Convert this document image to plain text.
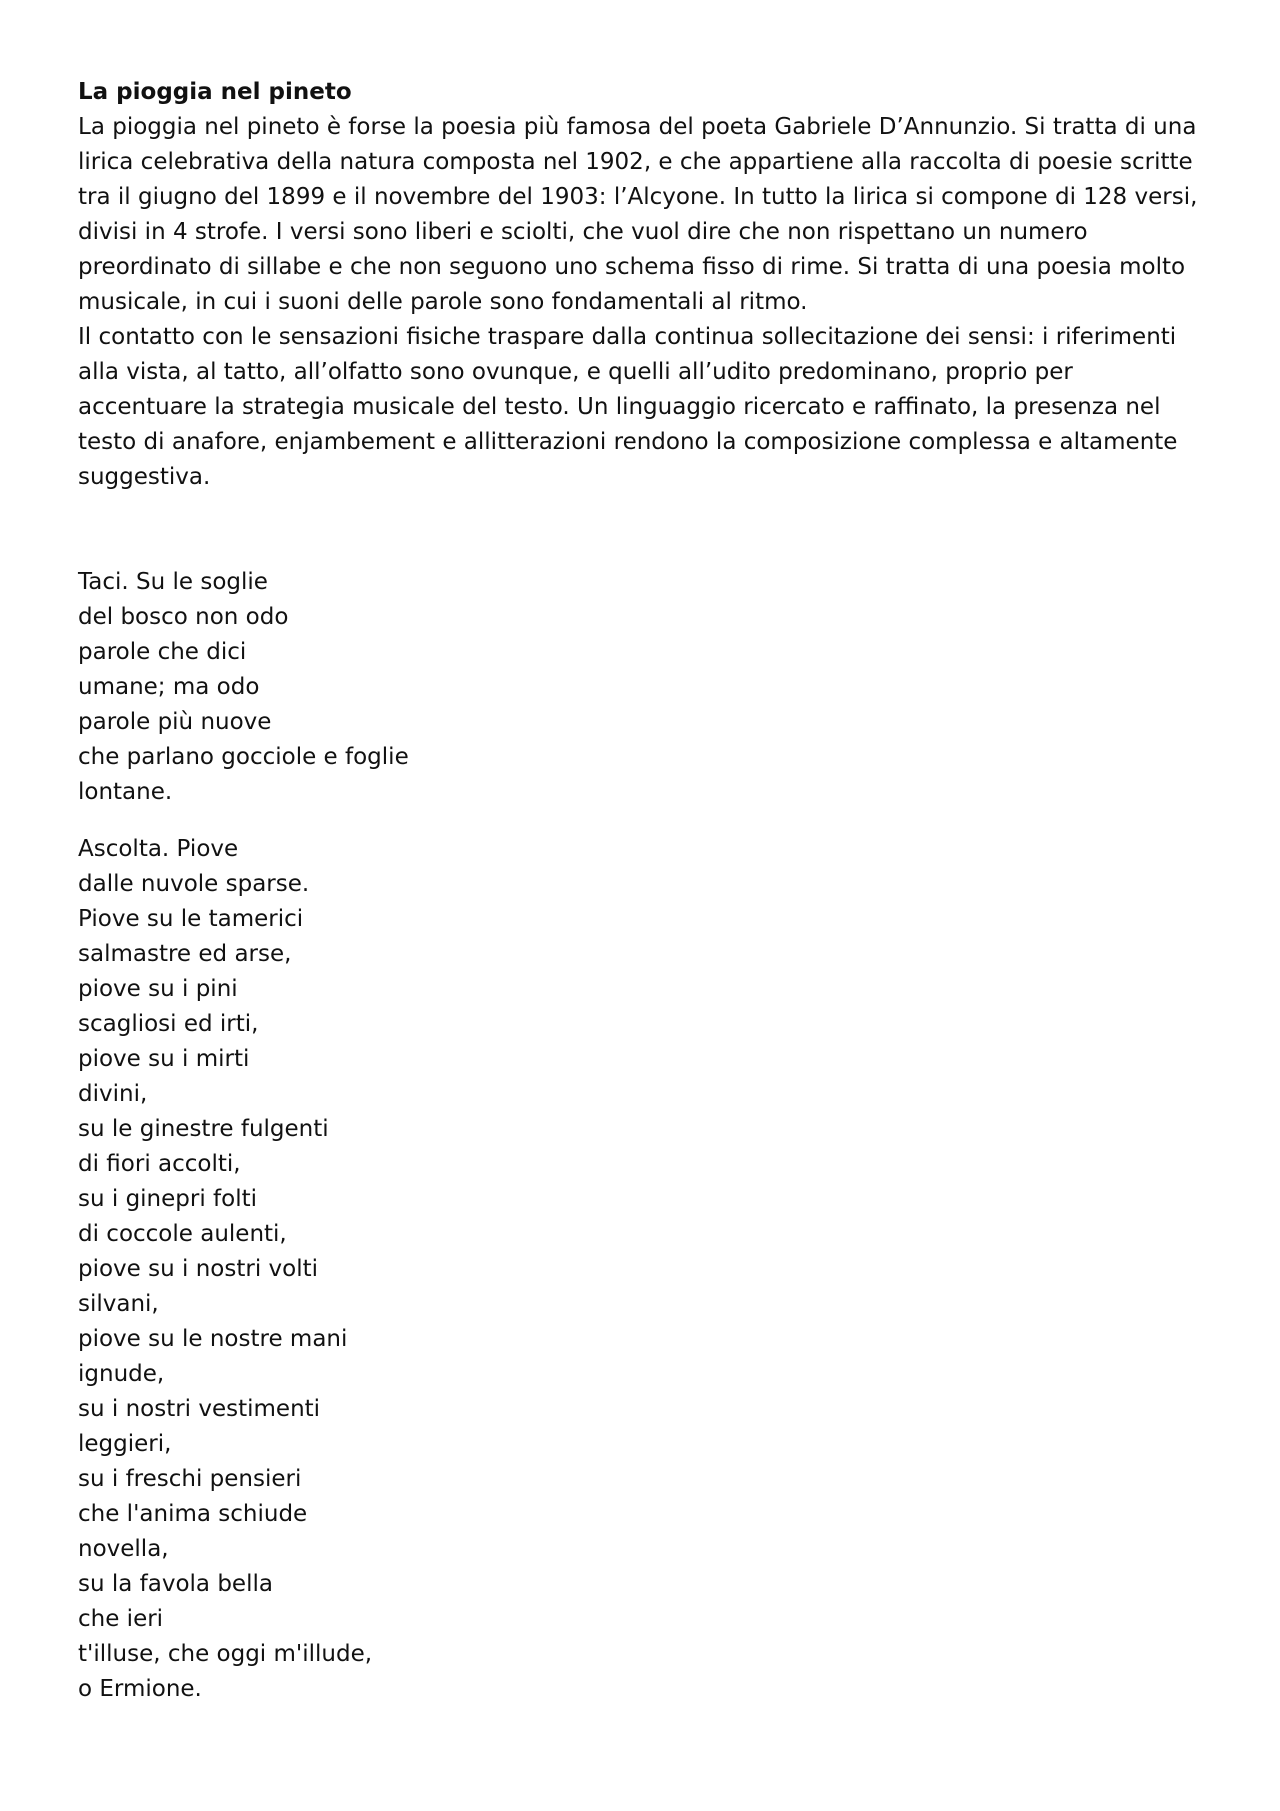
La pioggia nel pineto

La pioggia nel pineto è forse la poesia più famosa del poeta Gabriele D’Annunzio. Si tratta di una lirica celebrativa della natura composta nel 1902, e che appartiene alla raccolta di poesie scritte tra il giugno del 1899 e il novembre del 1903: l’Alcyone. In tutto la lirica si compone di 128 versi, divisi in 4 strofe. I versi sono liberi e sciolti, che vuol dire che non rispettano un numero preordinato di sillabe e che non seguono uno schema fisso di rime. Si tratta di una poesia molto musicale, in cui i suoni delle parole sono fondamentali al ritmo.

Il contatto con le sensazioni fisiche traspare dalla continua sollecitazione dei sensi: i riferimenti alla vista, al tatto, all’olfatto sono ovunque, e quelli all’udito predominano, proprio per accentuare la strategia musicale del testo. Un linguaggio ricercato e raffinato, la presenza nel testo di anafore, enjambement e allitterazioni rendono la composizione complessa e altamente suggestiva.

Taci. Su le soglie
del bosco non odo
parole che dici
umane; ma odo
parole più nuove
che parlano gocciole e foglie
lontane.
Ascolta. Piove
dalle nuvole sparse.
Piove su le tamerici
salmastre ed arse,
piove su i pini
scagliosi ed irti,
piove su i mirti
divini,
su le ginestre fulgenti
di fiori accolti,
su i ginepri folti
di coccole aulenti,
piove su i nostri volti
silvani,
piove su le nostre mani
ignude,
su i nostri vestimenti
leggieri,
su i freschi pensieri
che l'anima schiude
novella,
su la favola bella
che ieri
t'illuse, che oggi m'illude,
o Ermione.
